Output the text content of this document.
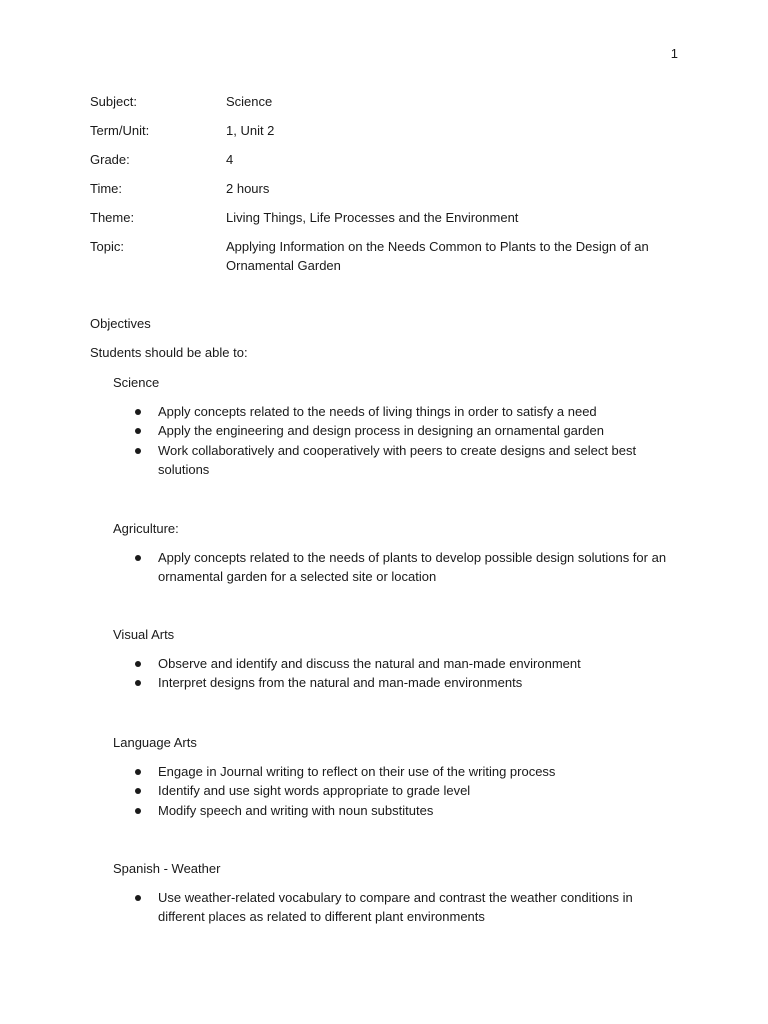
1
Subject:	Science
Term/Unit:	1, Unit 2
Grade:	4
Time:	2 hours
Theme:	Living Things, Life Processes and the Environment
Topic:	Applying Information on the Needs Common to Plants to the Design of an
Ornamental Garden
Objectives
Students should be able to:
Science
Apply concepts related to the needs of living things in order to satisfy a need
Apply the engineering and design process in designing an ornamental garden
Work collaboratively and cooperatively with peers to create designs and select best
solutions
Agriculture:
Apply concepts related to the needs of plants to develop possible design solutions for an
ornamental garden for a selected site or location
Visual Arts
Observe and identify and discuss the natural and man-made environment
Interpret designs from the natural and man-made environments
Language Arts
Engage in Journal writing to reflect on their use of the writing process
Identify and use sight words appropriate to grade level
Modify speech and writing with noun substitutes
Spanish - Weather
Use weather-related vocabulary to compare and contrast the weather conditions in
different places as related to different plant environments
